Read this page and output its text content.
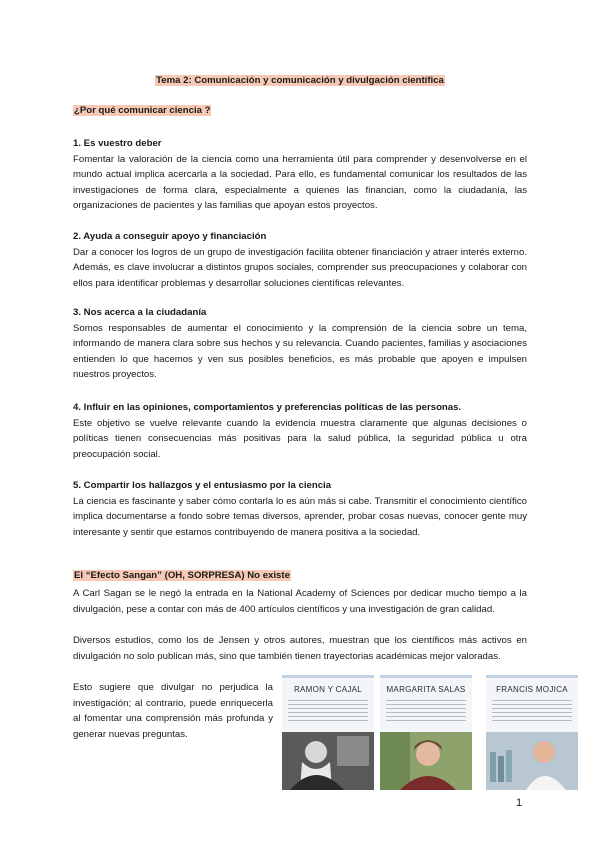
Tema 2: Comunicación y comunicación y divulgación científica
¿Por qué comunicar ciencia ?
1. Es vuestro deber

Fomentar la valoración de la ciencia como una herramienta útil para comprender y desenvolverse en el mundo actual implica acercarla a la sociedad. Para ello, es fundamental comunicar los resultados de las investigaciones de forma clara, especialmente a quienes las financian, como la ciudadanía, las organizaciones de pacientes y las familias que apoyan estos proyectos.

2. Ayuda a conseguir apoyo y financiación

Dar a conocer los logros de un grupo de investigación facilita obtener financiación y atraer interés externo. Además, es clave involucrar a distintos grupos sociales, comprender sus preocupaciones y colaborar con ellos para identificar problemas y desarrollar soluciones científicas relevantes.

3. Nos acerca a la ciudadanía

Somos responsables de aumentar el conocimiento y la comprensión de la ciencia sobre un tema, informando de manera clara sobre sus hechos y su relevancia. Cuando pacientes, familias y asociaciones entienden lo que hacemos y ven sus posibles beneficios, es más probable que apoyen e impulsen nuestros proyectos.

4. Influir en las opiniones, comportamientos y preferencias políticas de las personas.

Este objetivo se vuelve relevante cuando la evidencia muestra claramente que algunas decisiones o políticas tienen consecuencias más positivas para la salud pública, la seguridad pública u otra preocupación social.

5. Compartir los hallazgos y el entusiasmo por la ciencia

La ciencia es fascinante y saber cómo contarla lo es aún más si cabe. Transmitir el conocimiento científico implica documentarse a fondo sobre temas diversos, aprender, probar cosas nuevas, conocer gente muy interesante y sentir que estamos contribuyendo de manera positiva a la sociedad.

El “Efecto Sangan” (OH, SORPRESA) No existe

A Carl Sagan se le negó la entrada en la National Academy of Sciences por dedicar mucho tiempo a la divulgación, pese a contar con más de 400 artículos científicos y una investigación de gran calidad.

Diversos estudios, como los de Jensen y otros autores, muestran que los científicos más activos en divulgación no solo publican más, sino que también tienen trayectorias académicas mejor valoradas.

Esto sugiere que divulgar no perjudica la investigación; al contrario, puede enriquecerla al fomentar una comprensión más profunda y generar nuevas preguntas.

RAMON Y CAJAL	MARGARITA SALAS	FRANCIS MOJICA
1
